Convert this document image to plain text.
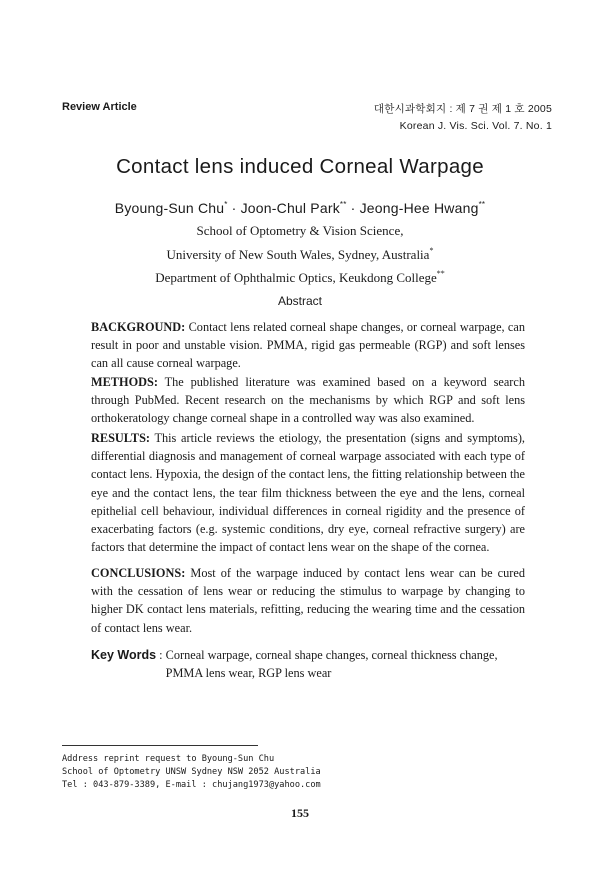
Review Article	대한시과학회지 : 제 7 권 제 1 호 2005
Korean J. Vis. Sci. Vol. 7. No. 1
Contact lens induced Corneal Warpage
Byoung-Sun Chu* · Joon-Chul Park** · Jeong-Hee Hwang**
School of Optometry & Vision Science,
University of New South Wales, Sydney, Australia*
Department of Ophthalmic Optics, Keukdong College**
Abstract

BACKGROUND: Contact lens related corneal shape changes, or corneal warpage, can result in poor and unstable vision. PMMA, rigid gas permeable (RGP) and soft lenses can all cause corneal warpage.

METHODS: The published literature was examined based on a keyword search through PubMed. Recent research on the mechanisms by which RGP and soft lens orthokeratology change corneal shape in a controlled way was also examined.

RESULTS: This article reviews the etiology, the presentation (signs and symptoms), differential diagnosis and management of corneal warpage associated with each type of contact lens. Hypoxia, the design of the contact lens, the fitting relationship between the eye and the contact lens, the tear film thickness between the eye and the lens, corneal epithelial cell behaviour, individual differences in corneal rigidity and the presence of exacerbating factors (e.g. systemic conditions, dry eye, corneal refractive surgery) are factors that determine the impact of contact lens wear on the shape of the cornea.

CONCLUSIONS: Most of the warpage induced by contact lens wear can be cured with the cessation of lens wear or reducing the stimulus to warpage by changing to higher DK contact lens materials, refitting, reducing the wearing time and the cessation of contact lens wear.

Key Words : Corneal warpage, corneal shape changes, corneal thickness change, PMMA lens wear, RGP lens wear
Address reprint request to Byoung-Sun Chu
School of Optometry UNSW Sydney NSW 2052 Australia
Tel : 043-879-3389, E-mail : chujang1973@yahoo.com
155
